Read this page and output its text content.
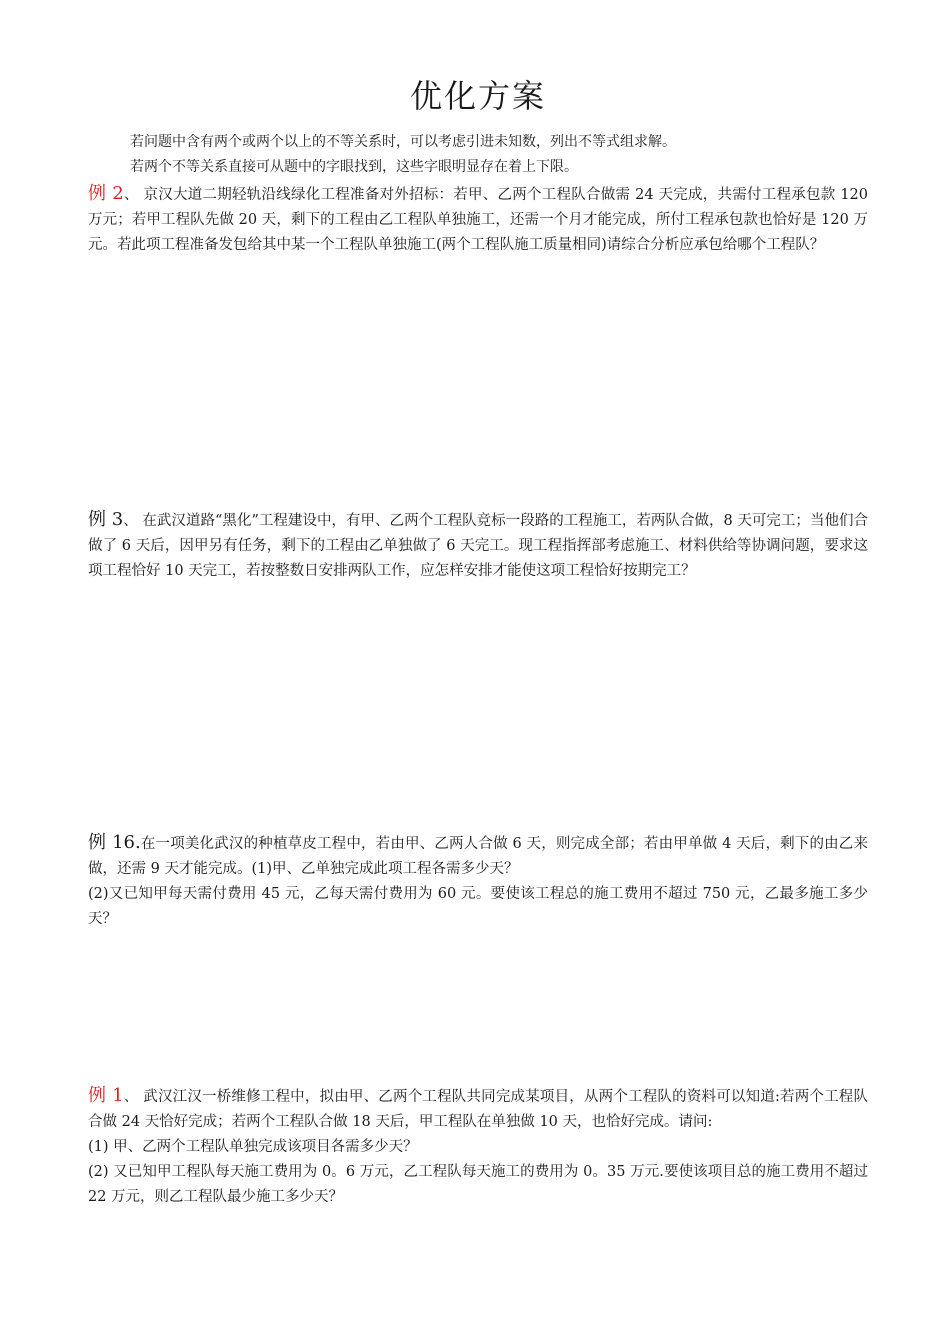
优化方案

若问题中含有两个或两个以上的不等关系时，可以考虑引进未知数，列出不等式组求解。

若两个不等关系直接可从题中的字眼找到，这些字眼明显存在着上下限。

例 2、 京汉大道二期轻轨沿线绿化工程准备对外招标：若甲、乙两个工程队合做需 24 天完成，共需付工程承包款 120 万元；若甲工程队先做 20 天，剩下的工程由乙工程队单独施工，还需一个月才能完成，所付工程承包款也恰好是 120 万元。若此项工程准备发包给其中某一个工程队单独施工(两个工程队施工质量相同)请综合分析应承包给哪个工程队？

例 3、 在武汉道路“黑化”工程建设中，有甲、乙两个工程队竞标一段路的工程施工，若两队合做，8 天可完工；当他们合做了 6 天后，因甲另有任务，剩下的工程由乙单独做了 6 天完工。现工程指挥部考虑施工、材料供给等协调问题，要求这项工程恰好 10 天完工，若按整数日安排两队工作，应怎样安排才能使这项工程恰好按期完工？

例 16.在一项美化武汉的种植草皮工程中，若由甲、乙两人合做 6 天，则完成全部；若由甲单做 4 天后，剩下的由乙来做，还需 9 天才能完成。(1)甲、乙单独完成此项工程各需多少天？
(2)又已知甲每天需付费用 45 元，乙每天需付费用为 60 元。要使该工程总的施工费用不超过 750 元，乙最多施工多少天？

例 1、 武汉江汉一桥维修工程中，拟由甲、乙两个工程队共同完成某项目，从两个工程队的资料可以知道:若两个工程队合做 24 天恰好完成；若两个工程队合做 18 天后，甲工程队在单独做 10 天，也恰好完成。请问:
(1) 甲、乙两个工程队单独完成该项目各需多少天？
(2) 又已知甲工程队每天施工费用为 0。6 万元，乙工程队每天施工的费用为 0。35 万元.要使该项目总的施工费用不超过 22 万元，则乙工程队最少施工多少天？
